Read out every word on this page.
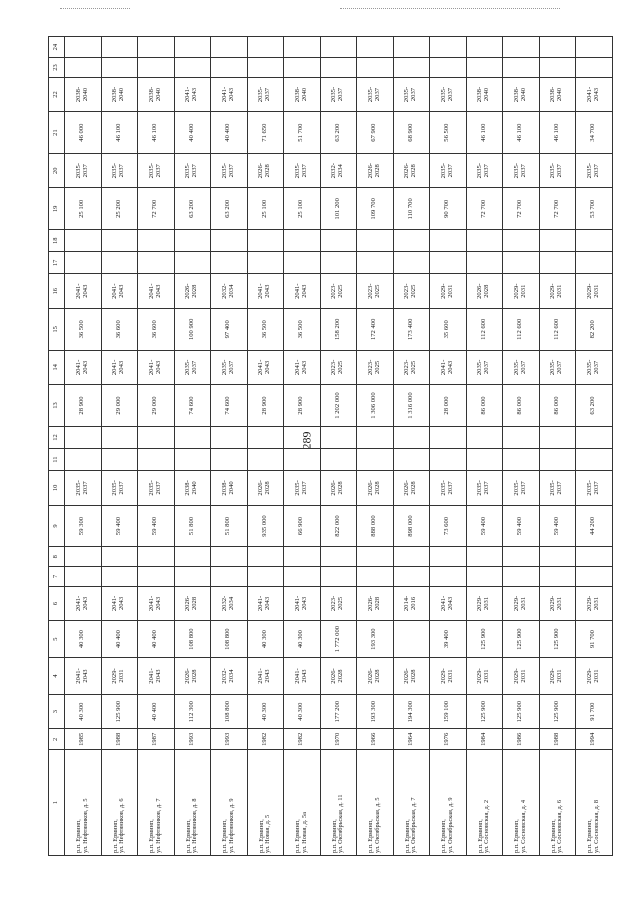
289
1	2	3	4	5	6	7	8	9	10	11	12	13	14	15	16	17	18	19	20	21	22	23	24
р.п. Ерминп,
ул. Нефтяников, д. 5	1985	40 300	2041-
2043	40 300	2041-
2043			59 300	2035-
2037			28 900	2041-
2043	36 500	2041-
2043			25 100	2035-
2037	46 000	2038-
2040		
р.п. Ерминп,
ул. Нефтяников, д. 6	1988	125 900	2029-
2031	40 400	2041-
2043			59 400	2035-
2037			29 000	2041-
2043	36 600	2041-
2043			25 200	2035-
2037	46 100	2038-
2040		
р.п. Ерминп,
ул. Нефтяников, д. 7	1987	40 400	2041-
2043	40 400	2041-
2043			59 400	2035-
2037			29 000	2041-
2043	36 600	2041-
2043			72 700	2035-
2037	46 100	2038-
2040		
р.п. Ерминп,
ул. Нефтяников, д. 8	1993	112 300	2026-
2028	108 800	2026-
2028			51 800	2038-
2040			74 600	2035-
2037	100 900	2026-
2028			63 200	2035-
2037	40 400	2041-
2043		
р.п. Ерминп,
ул. Нефтяников, д. 9	1993	108 800	2032-
2034	108 800	2032-
2034			51 800	2038-
2040			74 600	2035-
2037	97 400	2032-
2034			63 200	2035-
2037	40 400	2041-
2043		
р.п. Ерминп,
ул. Новая, д. 5	1982	40 300	2041-
2043	40 300	2041-
2043			935 000	2026-
2028			28 900	2041-
2043	36 500	2041-
2043			25 100	2026-
2028	71 650	2035-
2037		
р.п. Ерминп,
ул. Новая, д. 5а	1982	40 300	2041-
2043	40 300	2041-
2043			66 900	2035-
2037			28 900	2041-
2043	36 500	2041-
2043			25 100	2035-
2037	51 700	2038-
2040		
р.п. Ерминп,
ул. Октябрьская, д. 11	1970	177 200	2026-
2028	1 772 000	2023-
2025			822 000	2026-
2028			1 202 000	2023-
2025	158 200	2023-
2025			101 200	2032-
2034	63 200	2035-
2037		
р.п. Ерминп,
ул. Октябрьская, д. 5	1966	193 300	2026-
2028	193 300	2026-
2028			888 000	2026-
2028			1 306 000	2023-
2025	172 400	2023-
2025			109 700	2026-
2028	67 900	2035-
2037		
р.п. Ерминп,
ул. Октябрьская, д. 7	1964	194 300	2026-
2028		2014-
2016			898 000	2026-
2028			1 316 000	2023-
2025	173 400	2023-
2025			110 700	2026-
2028	68 900	2035-
2037		
р.п. Ерминп,
ул. Октябрьская, д. 9	1976	159 100	2029-
2031	39 400	2041-
2043			73 600	2035-
2037			28 000	2041-
2043	35 600	2029-
2031			90 700	2035-
2037	56 500	2035-
2037		
р.п. Ерминп,
ул. Сосновская, д. 2	1984	125 900	2029-
2031	125 900	2029-
2031			59 400	2035-
2037			86 000	2035-
2037	112 600	2026-
2028			72 700	2035-
2037	46 100	2038-
2040		
р.п. Ерминп,
ул. Сосновская, д. 4	1986	125 900	2029-
2031	125 900	2029-
2031			59 400	2035-
2037			86 000	2035-
2037	112 600	2029-
2031			72 700	2035-
2037	46 100	2038-
2040		
р.п. Ерминп,
ул. Сосновская, д. 6	1988	125 900	2029-
2031	125 900	2029-
2031			59 400	2035-
2037			86 000	2035-
2037	112 600	2029-
2031			72 700	2035-
2037	46 100	2038-
2040		
р.п. Ерминп,
ул. Сосновская, д. 8	1994	91 700	2029-
2031	91 700	2029-
2031			44 200	2035-
2037			63 200	2035-
2037	82 200	2029-
2031			53 700	2035-
2037	34 700	2041-
2043		
